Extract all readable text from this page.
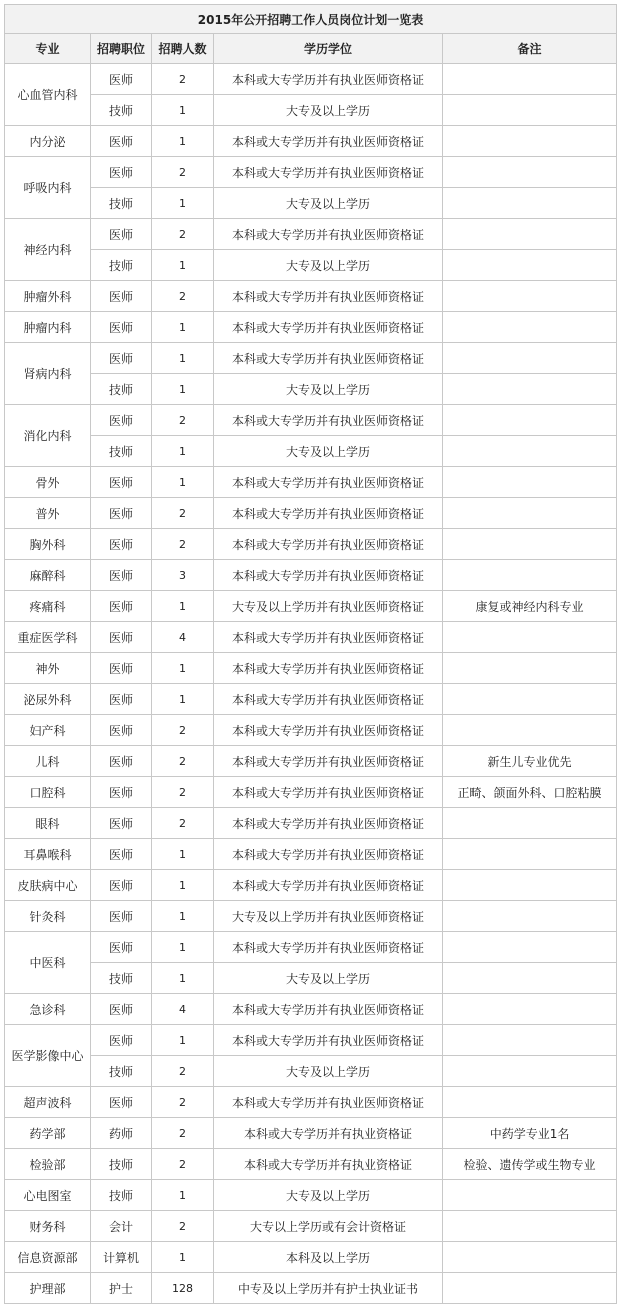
2015年公开招聘工作人员岗位计划一览表				
专业	招聘职位	招聘人数	学历学位	备注
心血管内科	医师	2	本科或大专学历并有执业医师资格证	
	技师	1	大专及以上学历	
内分泌	医师	1	本科或大专学历并有执业医师资格证	
呼吸内科	医师	2	本科或大专学历并有执业医师资格证	
	技师	1	大专及以上学历	
神经内科	医师	2	本科或大专学历并有执业医师资格证	
	技师	1	大专及以上学历	
肿瘤外科	医师	2	本科或大专学历并有执业医师资格证	
肿瘤内科	医师	1	本科或大专学历并有执业医师资格证	
肾病内科	医师	1	本科或大专学历并有执业医师资格证	
	技师	1	大专及以上学历	
消化内科	医师	2	本科或大专学历并有执业医师资格证	
	技师	1	大专及以上学历	
骨外	医师	1	本科或大专学历并有执业医师资格证	
普外	医师	2	本科或大专学历并有执业医师资格证	
胸外科	医师	2	本科或大专学历并有执业医师资格证	
麻醉科	医师	3	本科或大专学历并有执业医师资格证	
疼痛科	医师	1	大专及以上学历并有执业医师资格证	康复或神经内科专业
重症医学科	医师	4	本科或大专学历并有执业医师资格证	
神外	医师	1	本科或大专学历并有执业医师资格证	
泌尿外科	医师	1	本科或大专学历并有执业医师资格证	
妇产科	医师	2	本科或大专学历并有执业医师资格证	
儿科	医师	2	本科或大专学历并有执业医师资格证	新生儿专业优先
口腔科	医师	2	本科或大专学历并有执业医师资格证	正畸、颌面外科、口腔粘膜
眼科	医师	2	本科或大专学历并有执业医师资格证	
耳鼻喉科	医师	1	本科或大专学历并有执业医师资格证	
皮肤病中心	医师	1	本科或大专学历并有执业医师资格证	
针灸科	医师	1	大专及以上学历并有执业医师资格证	
中医科	医师	1	本科或大专学历并有执业医师资格证	
	技师	1	大专及以上学历	
急诊科	医师	4	本科或大专学历并有执业医师资格证	
医学影像中心	医师	1	本科或大专学历并有执业医师资格证	
	技师	2	大专及以上学历	
超声波科	医师	2	本科或大专学历并有执业医师资格证	
药学部	药师	2	本科或大专学历并有执业资格证	中药学专业1名
检验部	技师	2	本科或大专学历并有执业资格证	检验、遗传学或生物专业
心电图室	技师	1	大专及以上学历	
财务科	会计	2	大专以上学历或有会计资格证	
信息资源部	计算机	1	本科及以上学历	
护理部	护士	128	中专及以上学历并有护士执业证书	
